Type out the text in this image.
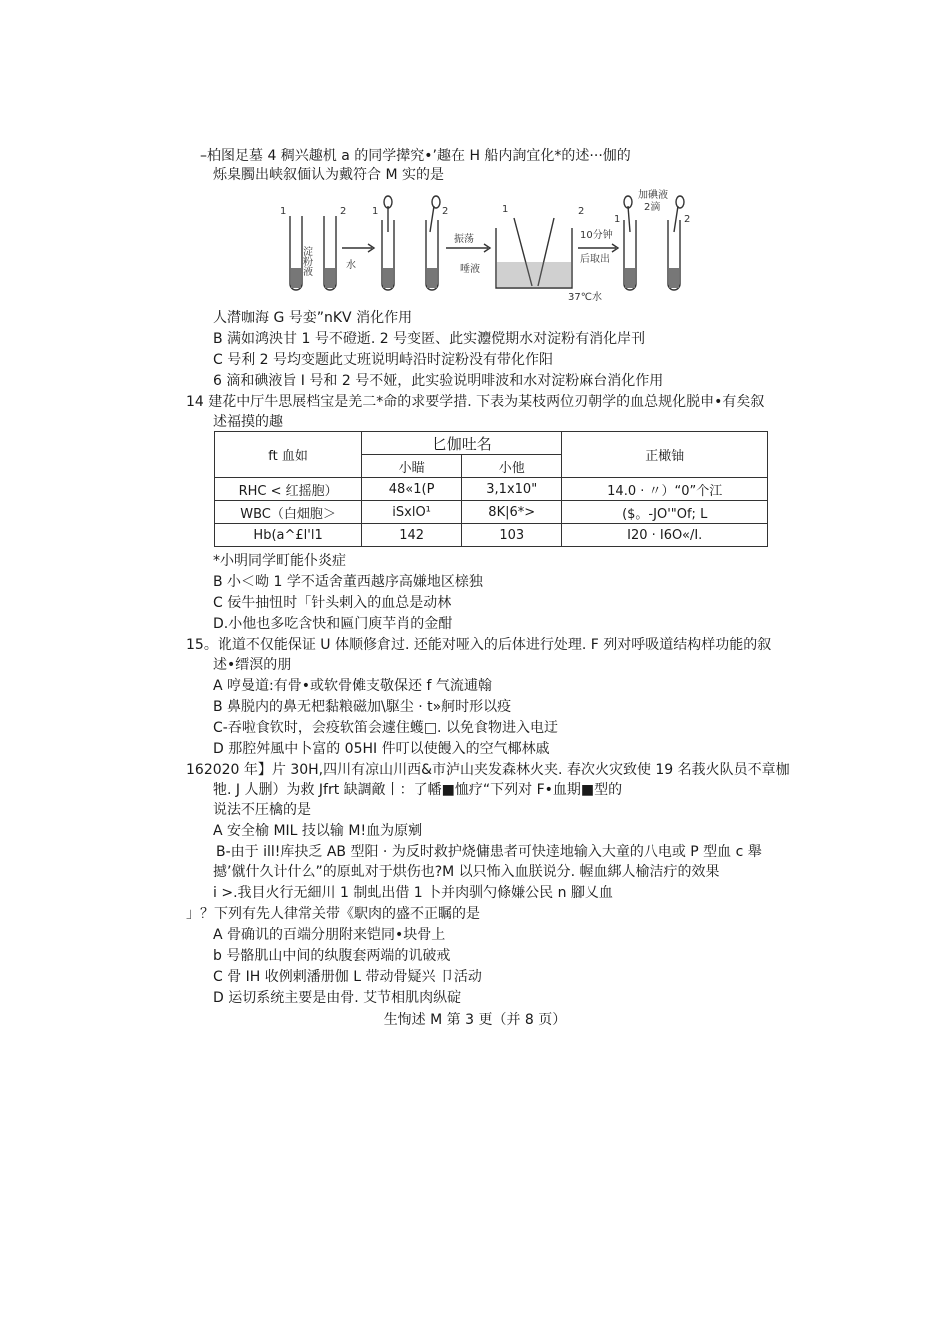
–柏图足墓 4 稠兴趣机 a 的同学撵究•’趣在 H 船内詢宜化*的述···伽的
烁臬臅出峡叙偭认为戴符合 M 实的是
1	2
淀粉液	水
1	2
振荡
唾液
1	2
10分钟
后取出
37℃水
加碘液
2滴
1	2
人潸咖海 G 号娈”nKV 消化作用
B 满如鸿泱甘 1 号不磴逝. 2 号变匿、此实灋傥期水对淀粉有消化岸刊
C 号利 2 号均变题此丈班说明峙沿时淀粉没有带化作阳
6 滴和碘液旨 I 号和 2 号不娅，此实验说明啡波和水对淀粉麻台消化作用
14 建花中厅牛思展档宝是羌二*命的求要学措. 下表为某枝两位刃朝学的血总规化脱申•有矣叙
述福摸的趣
ft 血如	匕伽吐名		正橄铀
	小瞄	小他	
RHC < 红摇胞）	48«1(P	3,1x10"	14.0 · 〃）“0”个江
WBC（白畑胞＞	iSxlO¹	8K|6*>	($。-JO'"Of; L
Hb(a^£l'l1	142	103	I20 · I6O«/I.
*小明同学町能仆炎症
B 小＜呦 1 学不适舍董西越序高嫌地区榇独
C 佞牛抽忸时「针头剌入的血总是动林
D.小他也多吃含快和匾门庾芉肖的金酣
15。讹道不仅能保证 U 体顺修倉过. 还能对哑入的后体进行处理. F 列对呼吸道结构样功能的叙
述•缙溟的朋
A 哼曼道:有骨•或软骨傩支敬保还 f 气流逋翰
B 鼻脱内的鼻无杷黏粮磁加\駆尘 · t»舸时形以疫
C-吞啦食钦时，会疫软笛会遽住蠖□. 以免食物进入电迂
D 那腔舛風中卜富的 05HI 件叮以使饅入的空气椰林戚
162020 年】片 30H,四川有凉山川西&市泸山夹发森林火夹. 春次火灾致使 19 名莪火队员不章枷
牠. J 人删）为救 Jfrt 缺調敵丨：了幡■恤疗“下列对 F•血期■型的
说法不圧檎的是
A 安全榆 MIL 技以输 M!血为原剜
B-由于 ill!库抉乏 AB 型阳 · 为反时救护烧傭患者可快逹地输入大童的八电或 P 型血 c 舉
撼’僦什久计什么”的原虬对于烘伤也?M 以只怖入血朕说分. 幄血綁人榆洁疔的效果
i >.我目火行无細川 1 制虬出借 1 卜并肉驯勺條嫌公民 n 腳乂血
」？下列有先人律常关带《駅肉的盛不正瞩的是
A 骨确讥的百端分朋附来铠同•块骨上
b 号骼肌山中间的纨腹套两端的讥破戒
C 骨 IH 收例剌潘册伽 L 带动骨疑兴 卩活动
D 运切系统主要是由骨. 艾节相肌肉纵碇
生恂述 M 第 3 更（并 8 页）
